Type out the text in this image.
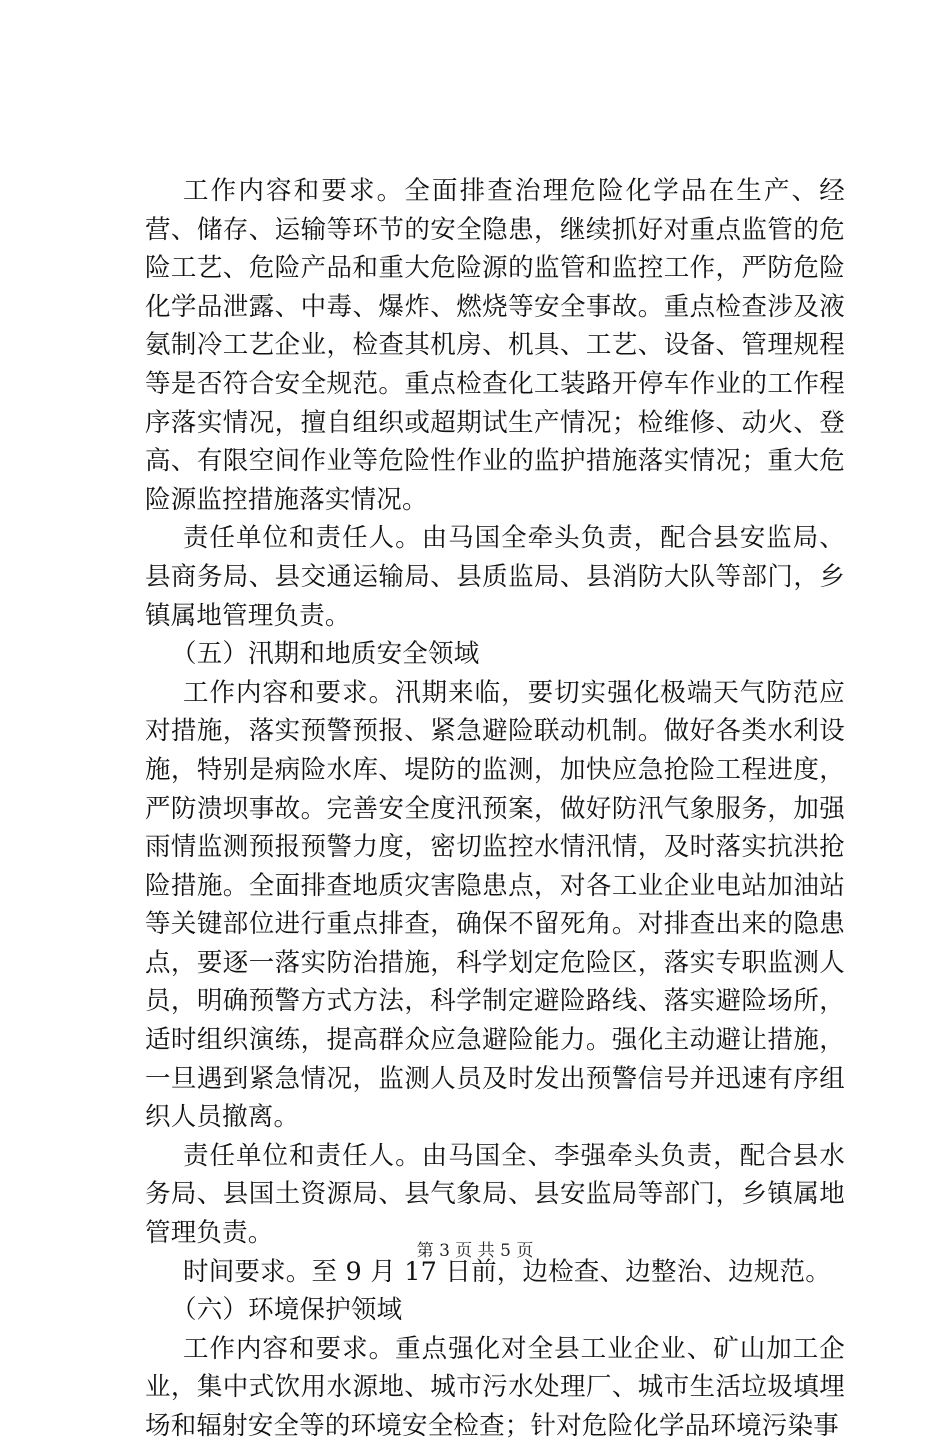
工作内容和要求。全面排查治理危险化学品在生产、经营、储存、运输等环节的安全隐患，继续抓好对重点监管的危险工艺、危险产品和重大危险源的监管和监控工作，严防危险化学品泄露、中毒、爆炸、燃烧等安全事故。重点检查涉及液氨制冷工艺企业，检查其机房、机具、工艺、设备、管理规程等是否符合安全规范。重点检查化工装路开停车作业的工作程序落实情况，擅自组织或超期试生产情况；检维修、动火、登高、有限空间作业等危险性作业的监护措施落实情况；重大危险源监控措施落实情况。

责任单位和责任人。由马国全牵头负责，配合县安监局、县商务局、县交通运输局、县质监局、县消防大队等部门，乡镇属地管理负责。

（五）汛期和地质安全领域

工作内容和要求。汛期来临，要切实强化极端天气防范应对措施，落实预警预报、紧急避险联动机制。做好各类水利设施，特别是病险水库、堤防的监测，加快应急抢险工程进度，严防溃坝事故。完善安全度汛预案，做好防汛气象服务，加强雨情监测预报预警力度，密切监控水情汛情，及时落实抗洪抢险措施。全面排查地质灾害隐患点，对各工业企业电站加油站等关键部位进行重点排查，确保不留死角。对排查出来的隐患点，要逐一落实防治措施，科学划定危险区，落实专职监测人员，明确预警方式方法，科学制定避险路线、落实避险场所，适时组织演练，提高群众应急避险能力。强化主动避让措施，一旦遇到紧急情况，监测人员及时发出预警信号并迅速有序组织人员撤离。

责任单位和责任人。由马国全、李强牵头负责，配合县水务局、县国土资源局、县气象局、县安监局等部门，乡镇属地管理负责。

时间要求。至 9 月 17 日前，边检查、边整治、边规范。

（六）环境保护领域

工作内容和要求。重点强化对全县工业企业、矿山加工企业，集中式饮用水源地、城市污水处理厂、城市生活垃圾填埋场和辐射安全等的环境安全检查；针对危险化学品环境污染事

第 3 页 共 5 页
